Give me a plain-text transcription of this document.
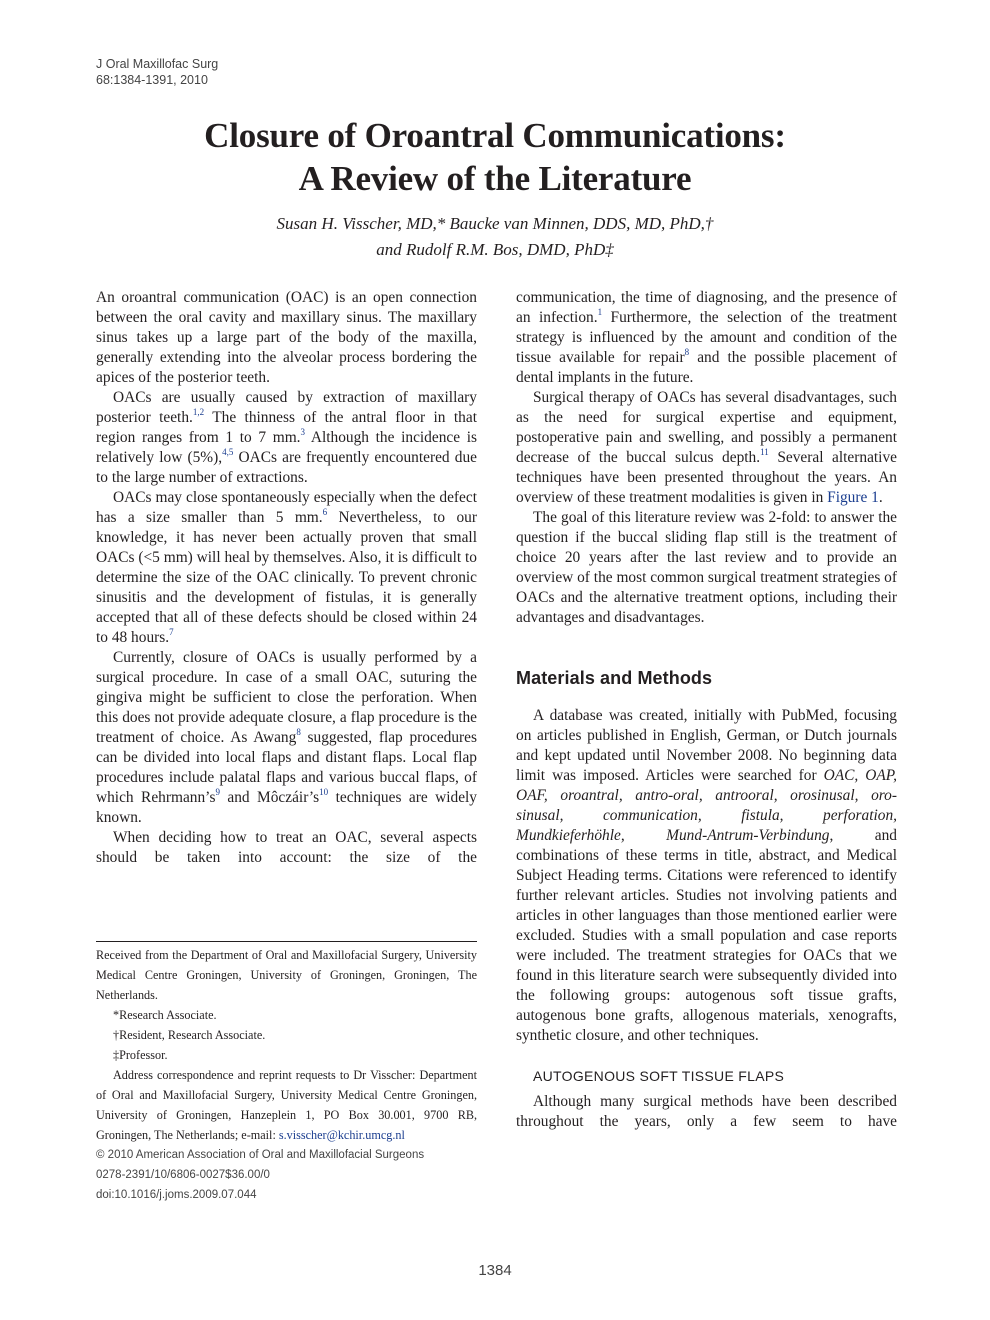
J Oral Maxillofac Surg
68:1384-1391, 2010
Closure of Oroantral Communications:
A Review of the Literature
Susan H. Visscher, MD,* Baucke van Minnen, DDS, MD, PhD,†
and Rudolf R.M. Bos, DMD, PhD‡

An oroantral communication (OAC) is an open connection between the oral cavity and maxillary sinus. The maxillary sinus takes up a large part of the body of the maxilla, generally extending into the alveolar process bordering the apices of the posterior teeth.

OACs are usually caused by extraction of maxillary posterior teeth.$^{1,2}$ The thinness of the antral floor in that region ranges from 1 to 7 mm.$^3$ Although the incidence is relatively low (5%),$^{4,5}$ OACs are frequently encountered due to the large number of extractions.

OACs may close spontaneously especially when the defect has a size smaller than 5 mm.$^6$ Nevertheless, to our knowledge, it has never been actually proven that small OACs (<5 mm) will heal by themselves. Also, it is difficult to determine the size of the OAC clinically. To prevent chronic sinusitis and the development of fistulas, it is generally accepted that all of these defects should be closed within 24 to 48 hours.$^7$

Currently, closure of OACs is usually performed by a surgical procedure. In case of a small OAC, suturing the gingiva might be sufficient to close the perforation. When this does not provide adequate closure, a flap procedure is the treatment of choice. As Awang$^8$ suggested, flap procedures can be divided into local flaps and distant flaps. Local flap procedures include palatal flaps and various buccal flaps, of which $Rehrmann’s^9$ and $Môczáir’s^{10}$ techniques are widely known.

When deciding how to treat an OAC, several aspects should be taken into account: the size of the

Received from the Department of Oral and Maxillofacial Surgery, University Medical Centre Groningen, University of Groningen, Groningen, The Netherlands.

*Research Associate.

†Resident, Research Associate.

‡Professor.

Address correspondence and reprint requests to Dr Visscher: Department of Oral and Maxillofacial Surgery, University Medical Centre Groningen, University of Groningen, Hanzeplein 1, PO Box 30.001, 9700 RB, Groningen, The Netherlands; e-mail: s.visscher@kchir.umcg.nl

© 2010 American Association of Oral and Maxillofacial Surgeons

0278-2391/10/6806-0027$36.00/0

doi:10.1016/j.joms.2009.07.044

communication, the time of diagnosing, and the presence of an infection.$^1$ Furthermore, the selection of the treatment strategy is influenced by the amount and condition of the tissue available for repair$^8$ and the possible placement of dental implants in the future.

Surgical therapy of OACs has several disadvantages, such as the need for surgical expertise and equipment, postoperative pain and swelling, and possibly a permanent decrease of the buccal sulcus depth.$^{11}$ Several alternative techniques have been presented throughout the years. An overview of these treatment modalities is given in Figure 1.

The goal of this literature review was 2-fold: to answer the question if the buccal sliding flap still is the treatment of choice 20 years after the last review and to provide an overview of the most common surgical treatment strategies of OACs and the alternative treatment options, including their advantages and disadvantages.

Materials and Methods

A database was created, initially with PubMed, focusing on articles published in English, German, or Dutch journals and kept updated until November 2008. No beginning data limit was imposed. Articles were searched for OAC, OAP, OAF, oroantral, antro-oral, antrooral, orosinusal, oro-sinusal, communication, fistula, perforation, Mundkieferhöhle, Mund-Antrum-Verbindung, and combinations of these terms in title, abstract, and Medical Subject Heading terms. Citations were referenced to identify further relevant articles. Studies not involving patients and articles in other languages than those mentioned earlier were excluded. Studies with a small population and case reports were included. The treatment strategies for OACs that we found in this literature search were subsequently divided into the following groups: autogenous soft tissue grafts, autogenous bone grafts, allogenous materials, xenografts, synthetic closure, and other techniques.

AUTOGENOUS SOFT TISSUE FLAPS

Although many surgical methods have been described throughout the years, only a few seem to have

1384
